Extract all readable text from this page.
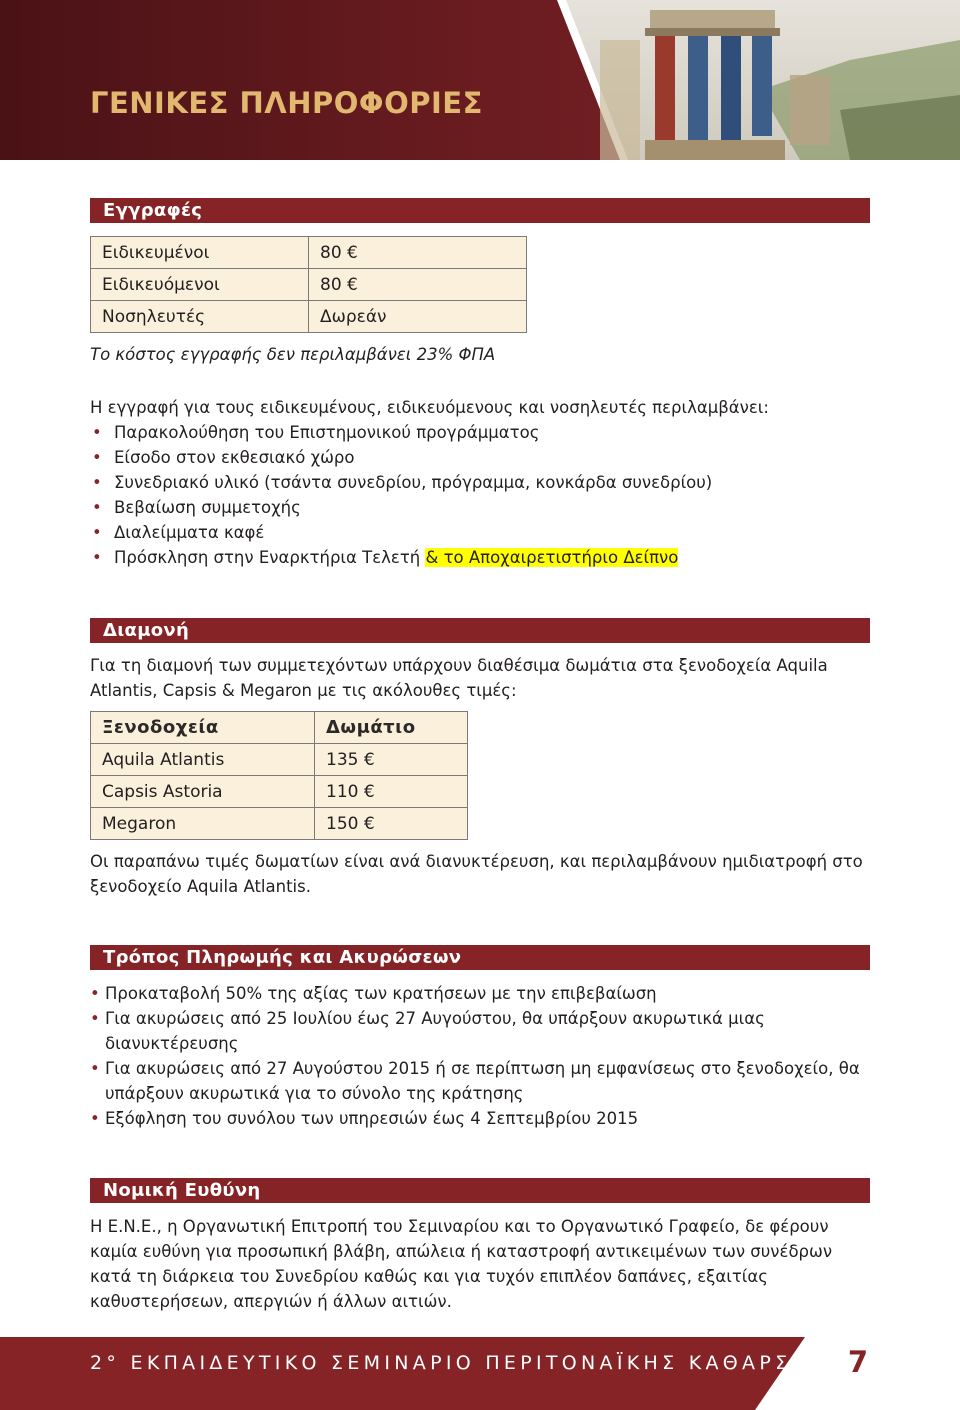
ΓΕΝΙΚΕΣ ΠΛΗΡΟΦΟΡΙΕΣ
Εγγραφές
Ειδικευμένοι	80 €
Ειδικευόμενοι	80 €
Νοσηλευτές	Δωρεάν

Το κόστος εγγραφής δεν περιλαμβάνει 23% ΦΠΑ

Η εγγραφή για τους ειδικευμένους, ειδικευόμενους και νοσηλευτές περιλαμβάνει:

• Παρακολούθηση του Επιστημονικού προγράμματος
• Είσοδο στον εκθεσιακό χώρο
• Συνεδριακό υλικό (τσάντα συνεδρίου, πρόγραμμα, κονκάρδα συνεδρίου)
• Βεβαίωση συμμετοχής
• Διαλείμματα καφέ
• Πρόσκληση στην Εναρκτήρια Τελετή & το Αποχαιρετιστήριο Δείπνο
Διαμονή

Για τη διαμονή των συμμετεχόντων υπάρχουν διαθέσιμα δωμάτια στα ξενοδοχεία Aquila Atlantis, Capsis & Megaron με τις ακόλουθες τιμές:

Ξενοδοχεία	Δωμάτιο
Aquila Atlantis	135 €
Capsis Astoria	110 €
Megaron	150 €

Οι παραπάνω τιμές δωματίων είναι ανά διανυκτέρευση, και περιλαμβάνουν ημιδιατροφή στο ξενοδοχείο Aquila Atlantis.

Τρόπος Πληρωμής και Ακυρώσεων
• Προκαταβολή 50% της αξίας των κρατήσεων με την επιβεβαίωση
• Για ακυρώσεις από 25 Ιουλίου έως 27 Αυγούστου, θα υπάρξουν ακυρωτικά μιας διανυκτέρευσης
• Για ακυρώσεις από 27 Αυγούστου 2015 ή σε περίπτωση μη εμφανίσεως στο ξενοδοχείο, θα υπάρξουν ακυρωτικά για το σύνολο της κράτησης
• Εξόφληση του συνόλου των υπηρεσιών έως 4 Σεπτεμβρίου 2015
Νομική Ευθύνη

Η Ε.Ν.Ε., η Οργανωτική Επιτροπή του Σεμιναρίου και το Οργανωτικό Γραφείο, δε φέρουν καμία ευθύνη για προσωπική βλάβη, απώλεια ή καταστροφή αντικειμένων των συνέδρων κατά τη διάρκεια του Συνεδρίου καθώς και για τυχόν επιπλέον δαπάνες, εξαιτίας καθυστερήσεων, απεργιών ή άλλων αιτιών.

2° ΕΚΠΑΙΔΕΥΤΙΚΟ ΣΕΜΙΝΑΡΙΟ ΠΕΡΙΤΟΝΑΪΚΗΣ ΚΑΘΑΡΣΗΣ 7
